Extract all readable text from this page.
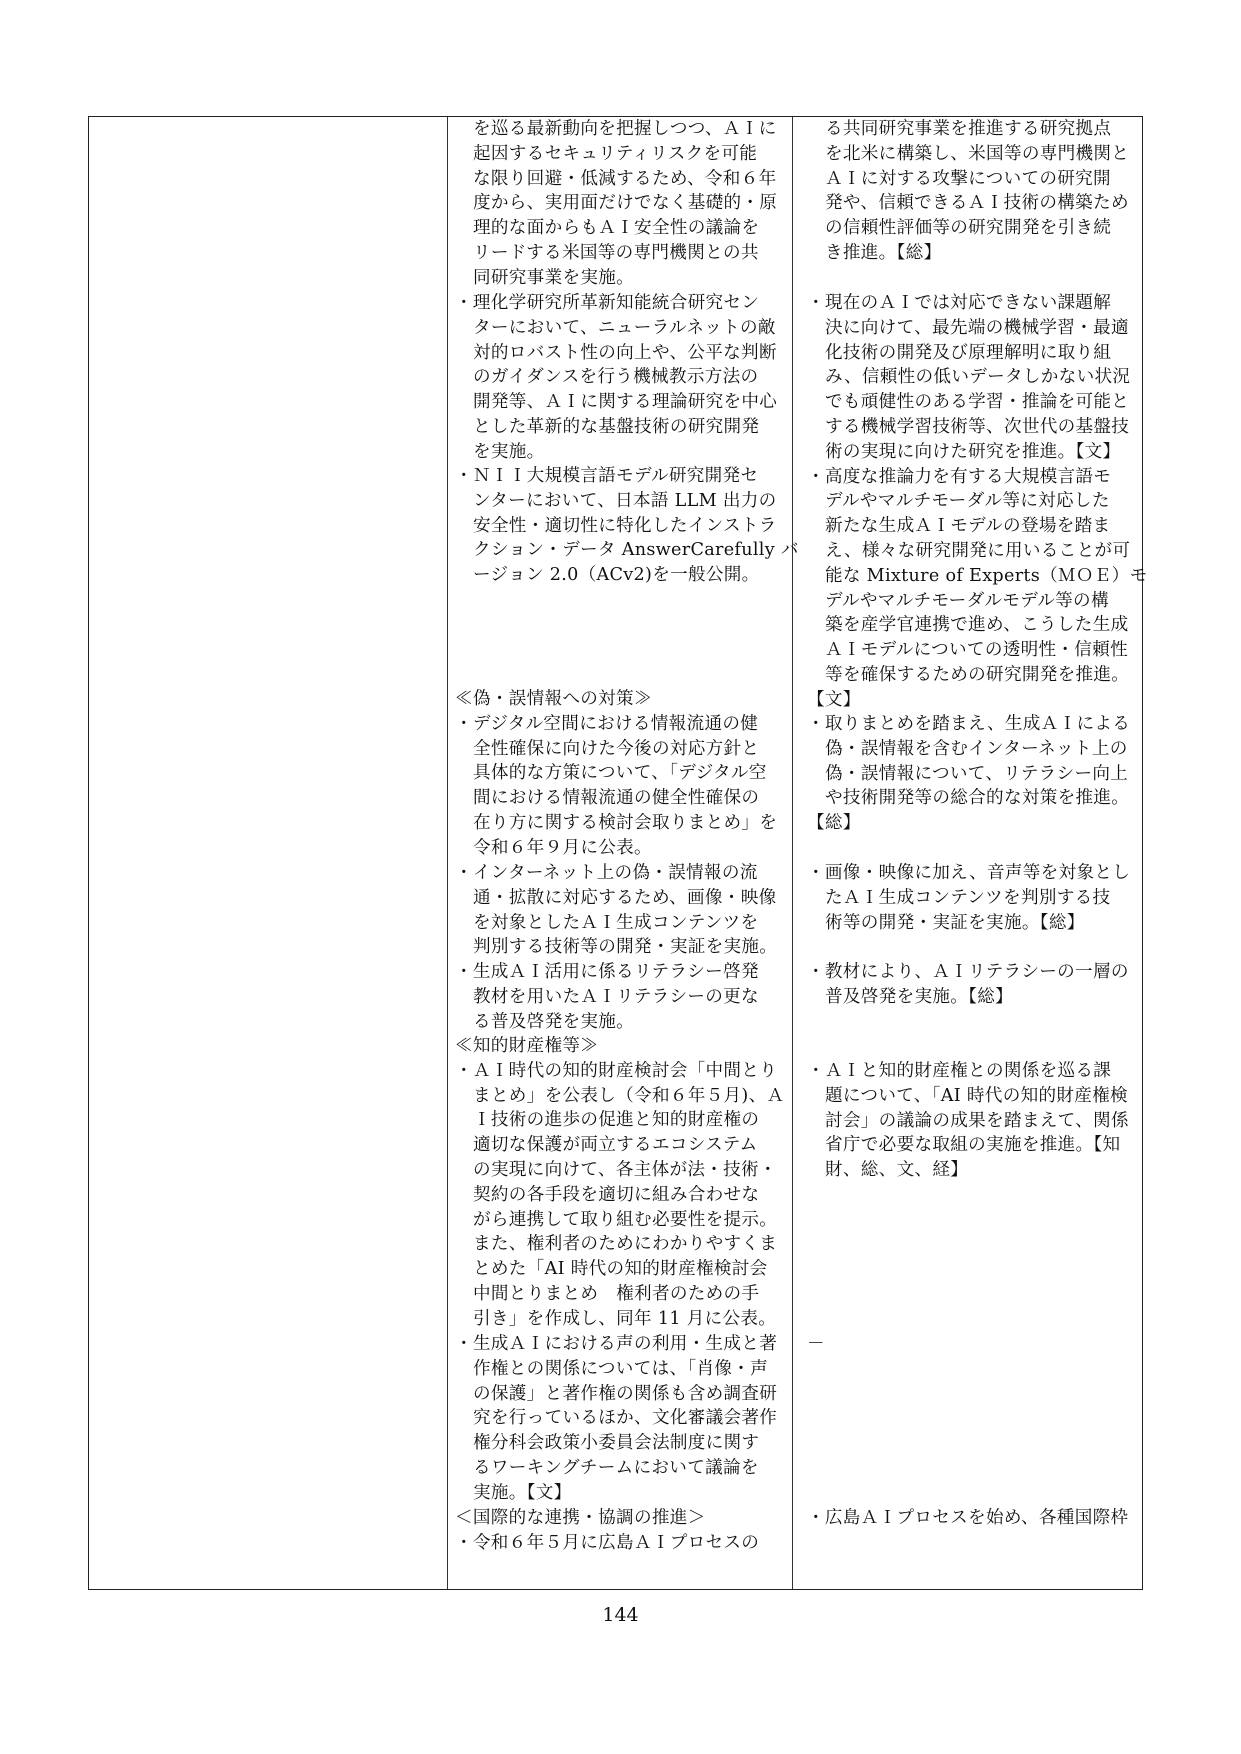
を巡る最新動向を把握しつつ、ＡＩに
起因するセキュリティリスクを可能
な限り回避・低減するため、令和６年
度から、実用面だけでなく基礎的・原
理的な面からもＡＩ安全性の議論を
リードする米国等の専門機関との共
同研究事業を実施。
・理化学研究所革新知能統合研究セン
ターにおいて、ニューラルネットの敵
対的ロバスト性の向上や、公平な判断
のガイダンスを行う機械教示方法の
開発等、ＡＩに関する理論研究を中心
とした革新的な基盤技術の研究開発
を実施。
・ＮＩＩ大規模言語モデル研究開発セ
ンターにおいて、日本語 LLM 出力の
安全性・適切性に特化したインストラ
クション・データ AnswerCarefully バ
ージョン 2.0（ACv2)を一般公開。
≪偽・誤情報への対策≫
・デジタル空間における情報流通の健
全性確保に向けた今後の対応方針と
具体的な方策について、「デジタル空
間における情報流通の健全性確保の
在り方に関する検討会取りまとめ」を
令和６年９月に公表。
・インターネット上の偽・誤情報の流
通・拡散に対応するため、画像・映像
を対象としたＡＩ生成コンテンツを
判別する技術等の開発・実証を実施。
・生成ＡＩ活用に係るリテラシー啓発
教材を用いたＡＩリテラシーの更な
る普及啓発を実施。
≪知的財産権等≫
・ＡＩ時代の知的財産検討会「中間とり
まとめ」を公表し（令和６年５月)、Ａ
Ｉ技術の進歩の促進と知的財産権の
適切な保護が両立するエコシステム
の実現に向けて、各主体が法・技術・
契約の各手段を適切に組み合わせな
がら連携して取り組む必要性を提示。
また、権利者のためにわかりやすくま
とめた「AI 時代の知的財産権検討会
中間とりまとめ　権利者のための手
引き」を作成し、同年 11 月に公表。
・生成ＡＩにおける声の利用・生成と著
作権との関係については、「肖像・声
の保護」と著作権の関係も含め調査研
究を行っているほか、文化審議会著作
権分科会政策小委員会法制度に関す
るワーキングチームにおいて議論を
実施。【文】
＜国際的な連携・協調の推進＞
・令和６年５月に広島ＡＩプロセスの
る共同研究事業を推進する研究拠点
を北米に構築し、米国等の専門機関と
ＡＩに対する攻撃についての研究開
発や、信頼できるＡＩ技術の構築ため
の信頼性評価等の研究開発を引き続
き推進。【総】
・現在のＡＩでは対応できない課題解
決に向けて、最先端の機械学習・最適
化技術の開発及び原理解明に取り組
み、信頼性の低いデータしかない状況
でも頑健性のある学習・推論を可能と
する機械学習技術等、次世代の基盤技
術の実現に向けた研究を推進。【文】
・高度な推論力を有する大規模言語モ
デルやマルチモーダル等に対応した
新たな生成ＡＩモデルの登場を踏ま
え、様々な研究開発に用いることが可
能な Mixture of Experts（ＭＯＥ）モ
デルやマルチモーダルモデル等の構
築を産学官連携で進め、こうした生成
ＡＩモデルについての透明性・信頼性
等を確保するための研究開発を推進。
【文】
・取りまとめを踏まえ、生成ＡＩによる
偽・誤情報を含むインターネット上の
偽・誤情報について、リテラシー向上
や技術開発等の総合的な対策を推進。
【総】
・画像・映像に加え、音声等を対象とし
たＡＩ生成コンテンツを判別する技
術等の開発・実証を実施。【総】
・教材により、ＡＩリテラシーの一層の
普及啓発を実施。【総】
・ＡＩと知的財産権との関係を巡る課
題について、「AI 時代の知的財産権検
討会」の議論の成果を踏まえて、関係
省庁で必要な取組の実施を推進。【知
財、総、文、経】
－
・広島ＡＩプロセスを始め、各種国際枠
144
